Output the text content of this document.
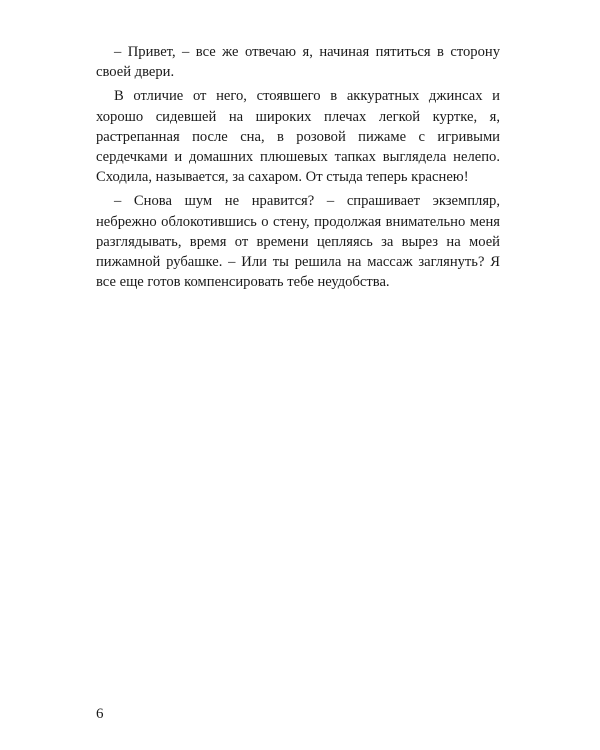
– Привет, – все же отвечаю я, начиная пятиться в сторону своей двери.

В отличие от него, стоявшего в аккуратных джинсах и хорошо сидевшей на широких плечах легкой куртке, я, растрепанная после сна, в розовой пижаме с игривыми сердечками и домашних плюшевых тапках выглядела нелепо. Сходила, называется, за сахаром. От стыда теперь краснею!

– Снова шум не нравится? – спрашивает экземпляр, небрежно облокотившись о стену, продолжая внимательно меня разглядывать, время от времени цепляясь за вырез на моей пижамной рубашке. – Или ты решила на массаж заглянуть? Я все еще готов компенсировать тебе неудобства.

6
